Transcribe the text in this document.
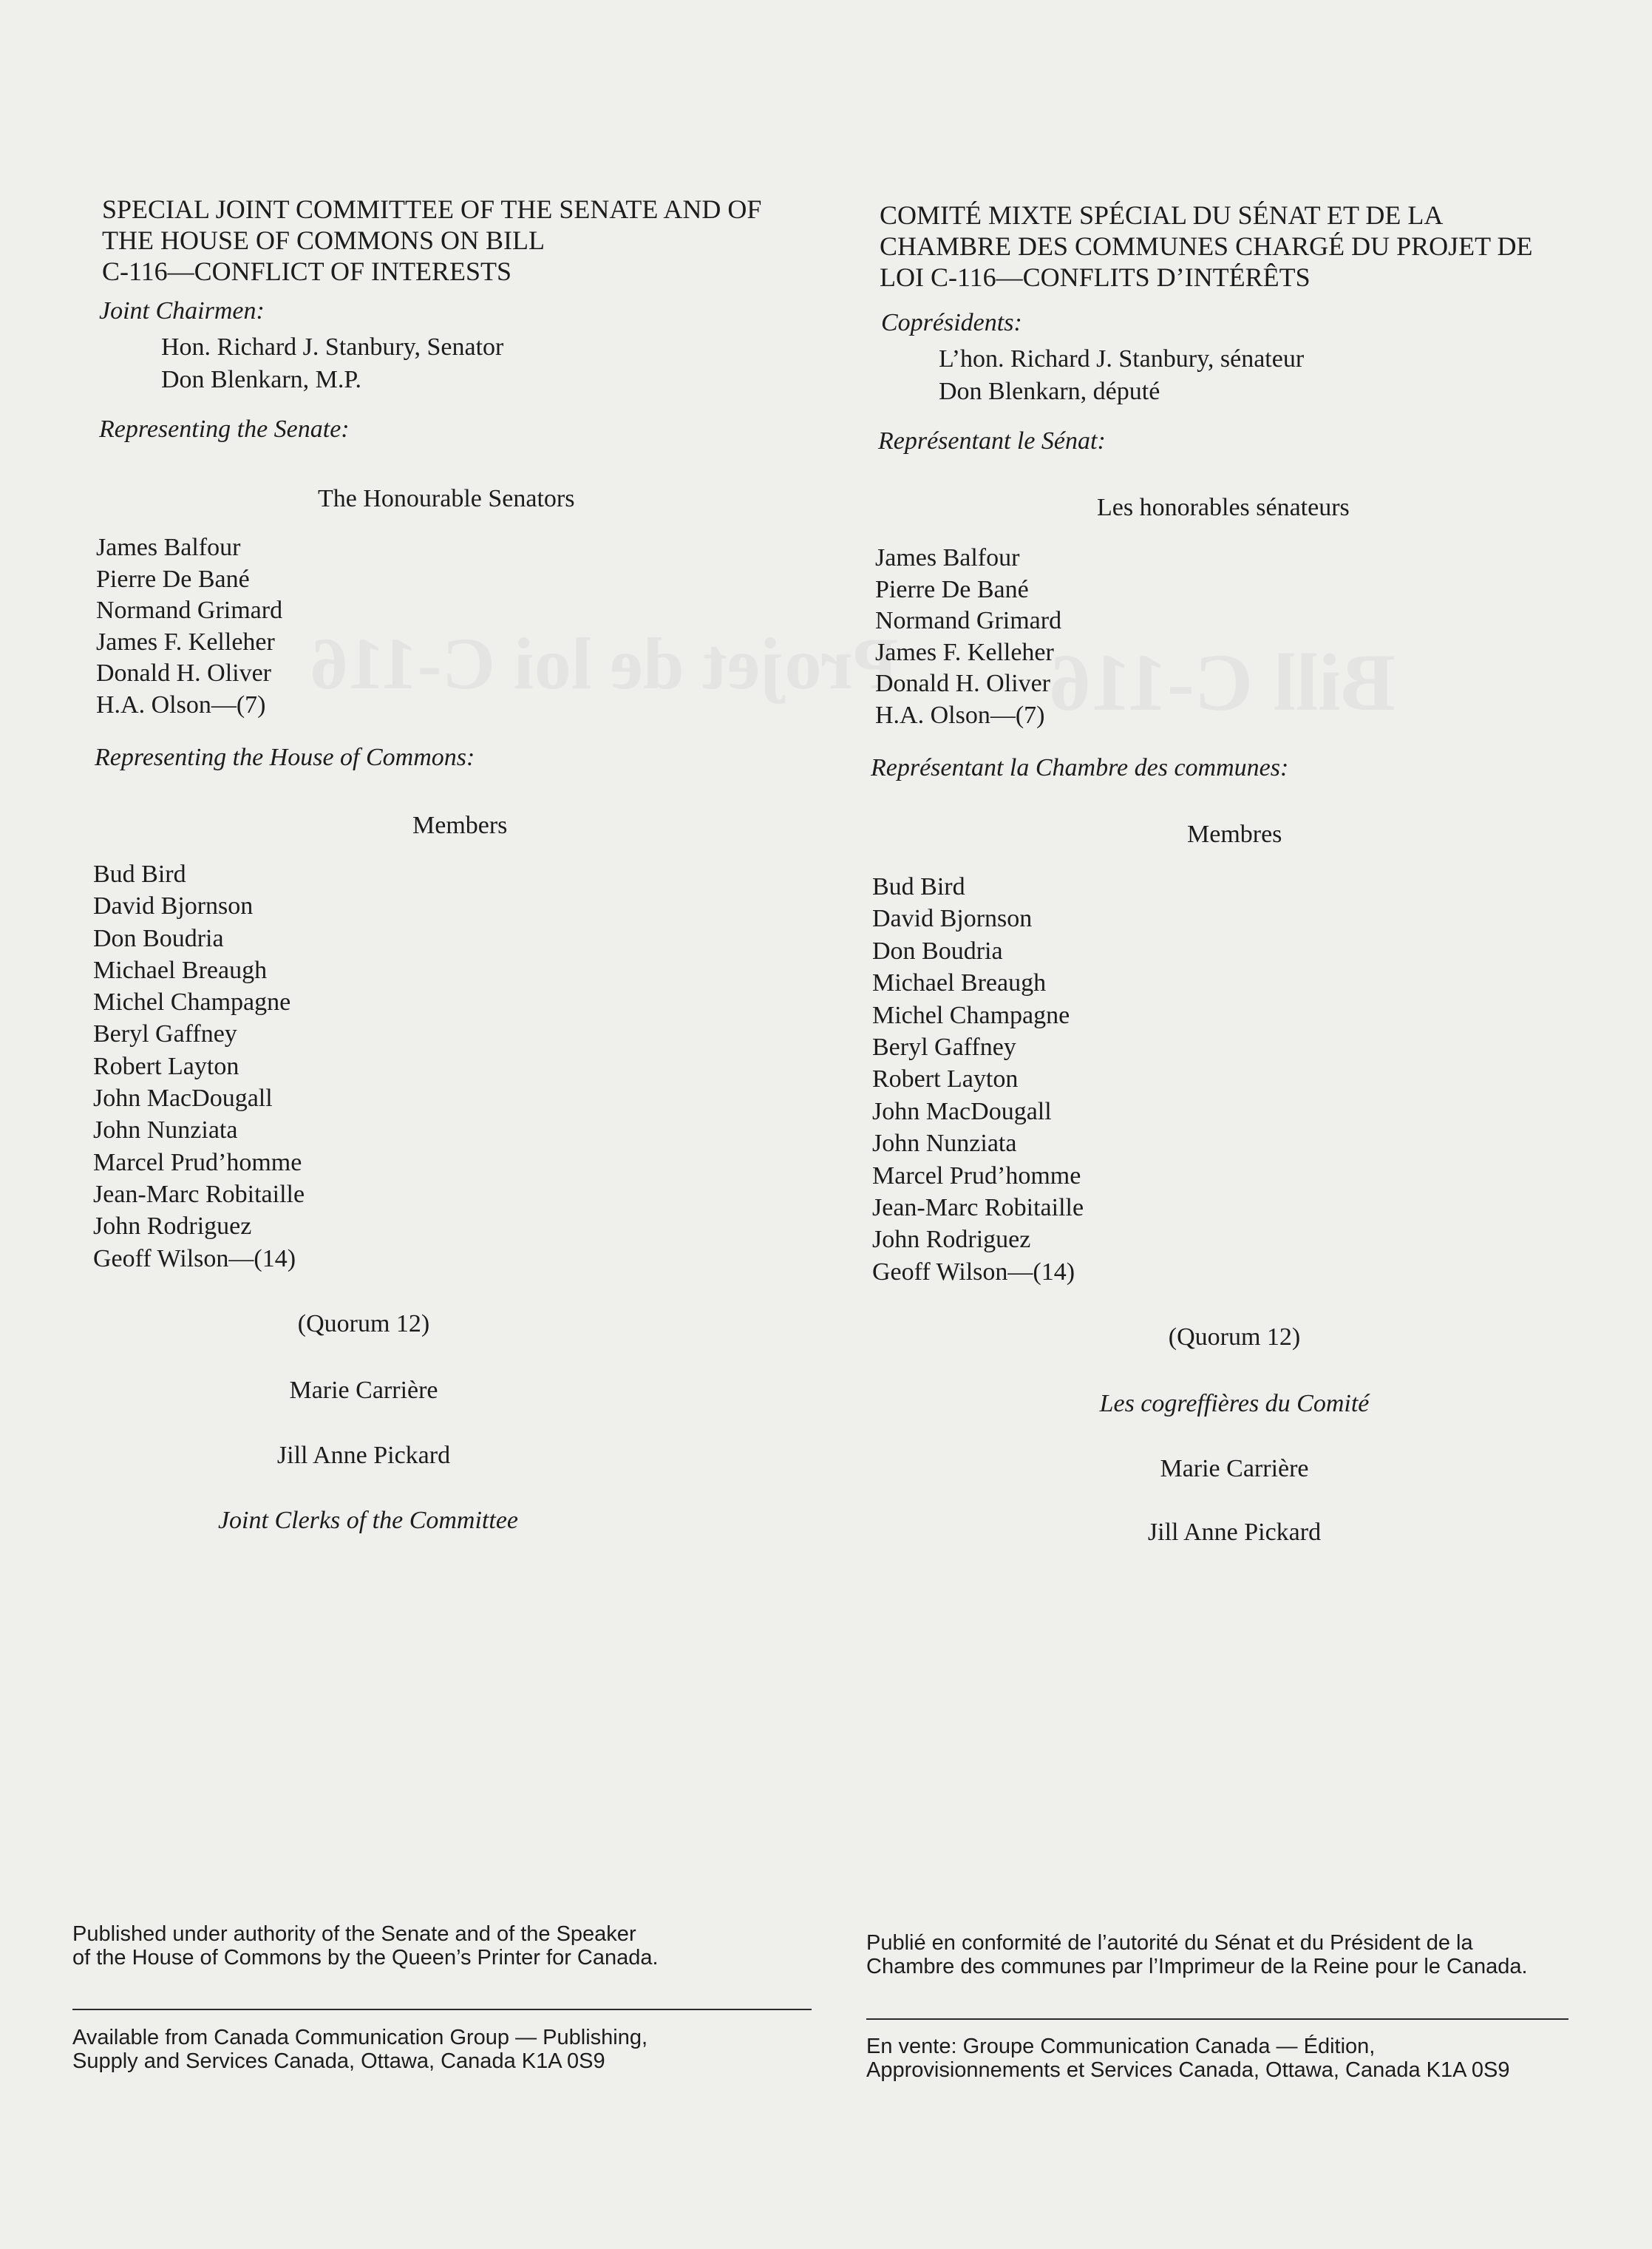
Bill C-116
Projet de loi C-116
SPECIAL JOINT COMMITTEE OF THE SENATE AND OF
THE HOUSE OF COMMONS ON BILL
C-116—CONFLICT OF INTERESTS
Joint Chairmen:
Hon. Richard J. Stanbury, Senator
Don Blenkarn, M.P.
Representing the Senate:
The Honourable Senators
James Balfour
Pierre De Bané
Normand Grimard
James F. Kelleher
Donald H. Oliver
H.A. Olson—(7)
Representing the House of Commons:
Members
Bud Bird
David Bjornson
Don Boudria
Michael Breaugh
Michel Champagne
Beryl Gaffney
Robert Layton
John MacDougall
John Nunziata
Marcel Prud’homme
Jean-Marc Robitaille
John Rodriguez
Geoff Wilson—(14)
(Quorum 12)
Marie Carrière
Jill Anne Pickard
Joint Clerks of the Committee
Published under authority of the Senate and of the Speaker
of the House of Commons by the Queen’s Printer for Canada.
Available from Canada Communication Group — Publishing,
Supply and Services Canada, Ottawa, Canada K1A 0S9
COMITÉ MIXTE SPÉCIAL DU SÉNAT ET DE LA
CHAMBRE DES COMMUNES CHARGÉ DU PROJET DE
LOI C-116—CONFLITS D’INTÉRÊTS
Coprésidents:
L’hon. Richard J. Stanbury, sénateur
Don Blenkarn, député
Représentant le Sénat:
Les honorables sénateurs
James Balfour
Pierre De Bané
Normand Grimard
James F. Kelleher
Donald H. Oliver
H.A. Olson—(7)
Représentant la Chambre des communes:
Membres
Bud Bird
David Bjornson
Don Boudria
Michael Breaugh
Michel Champagne
Beryl Gaffney
Robert Layton
John MacDougall
John Nunziata
Marcel Prud’homme
Jean-Marc Robitaille
John Rodriguez
Geoff Wilson—(14)
(Quorum 12)
Les cogreffières du Comité
Marie Carrière
Jill Anne Pickard
Publié en conformité de l’autorité du Sénat et du Président de la
Chambre des communes par l’Imprimeur de la Reine pour le Canada.
En vente: Groupe Communication Canada — Édition,
Approvisionnements et Services Canada, Ottawa, Canada K1A 0S9
